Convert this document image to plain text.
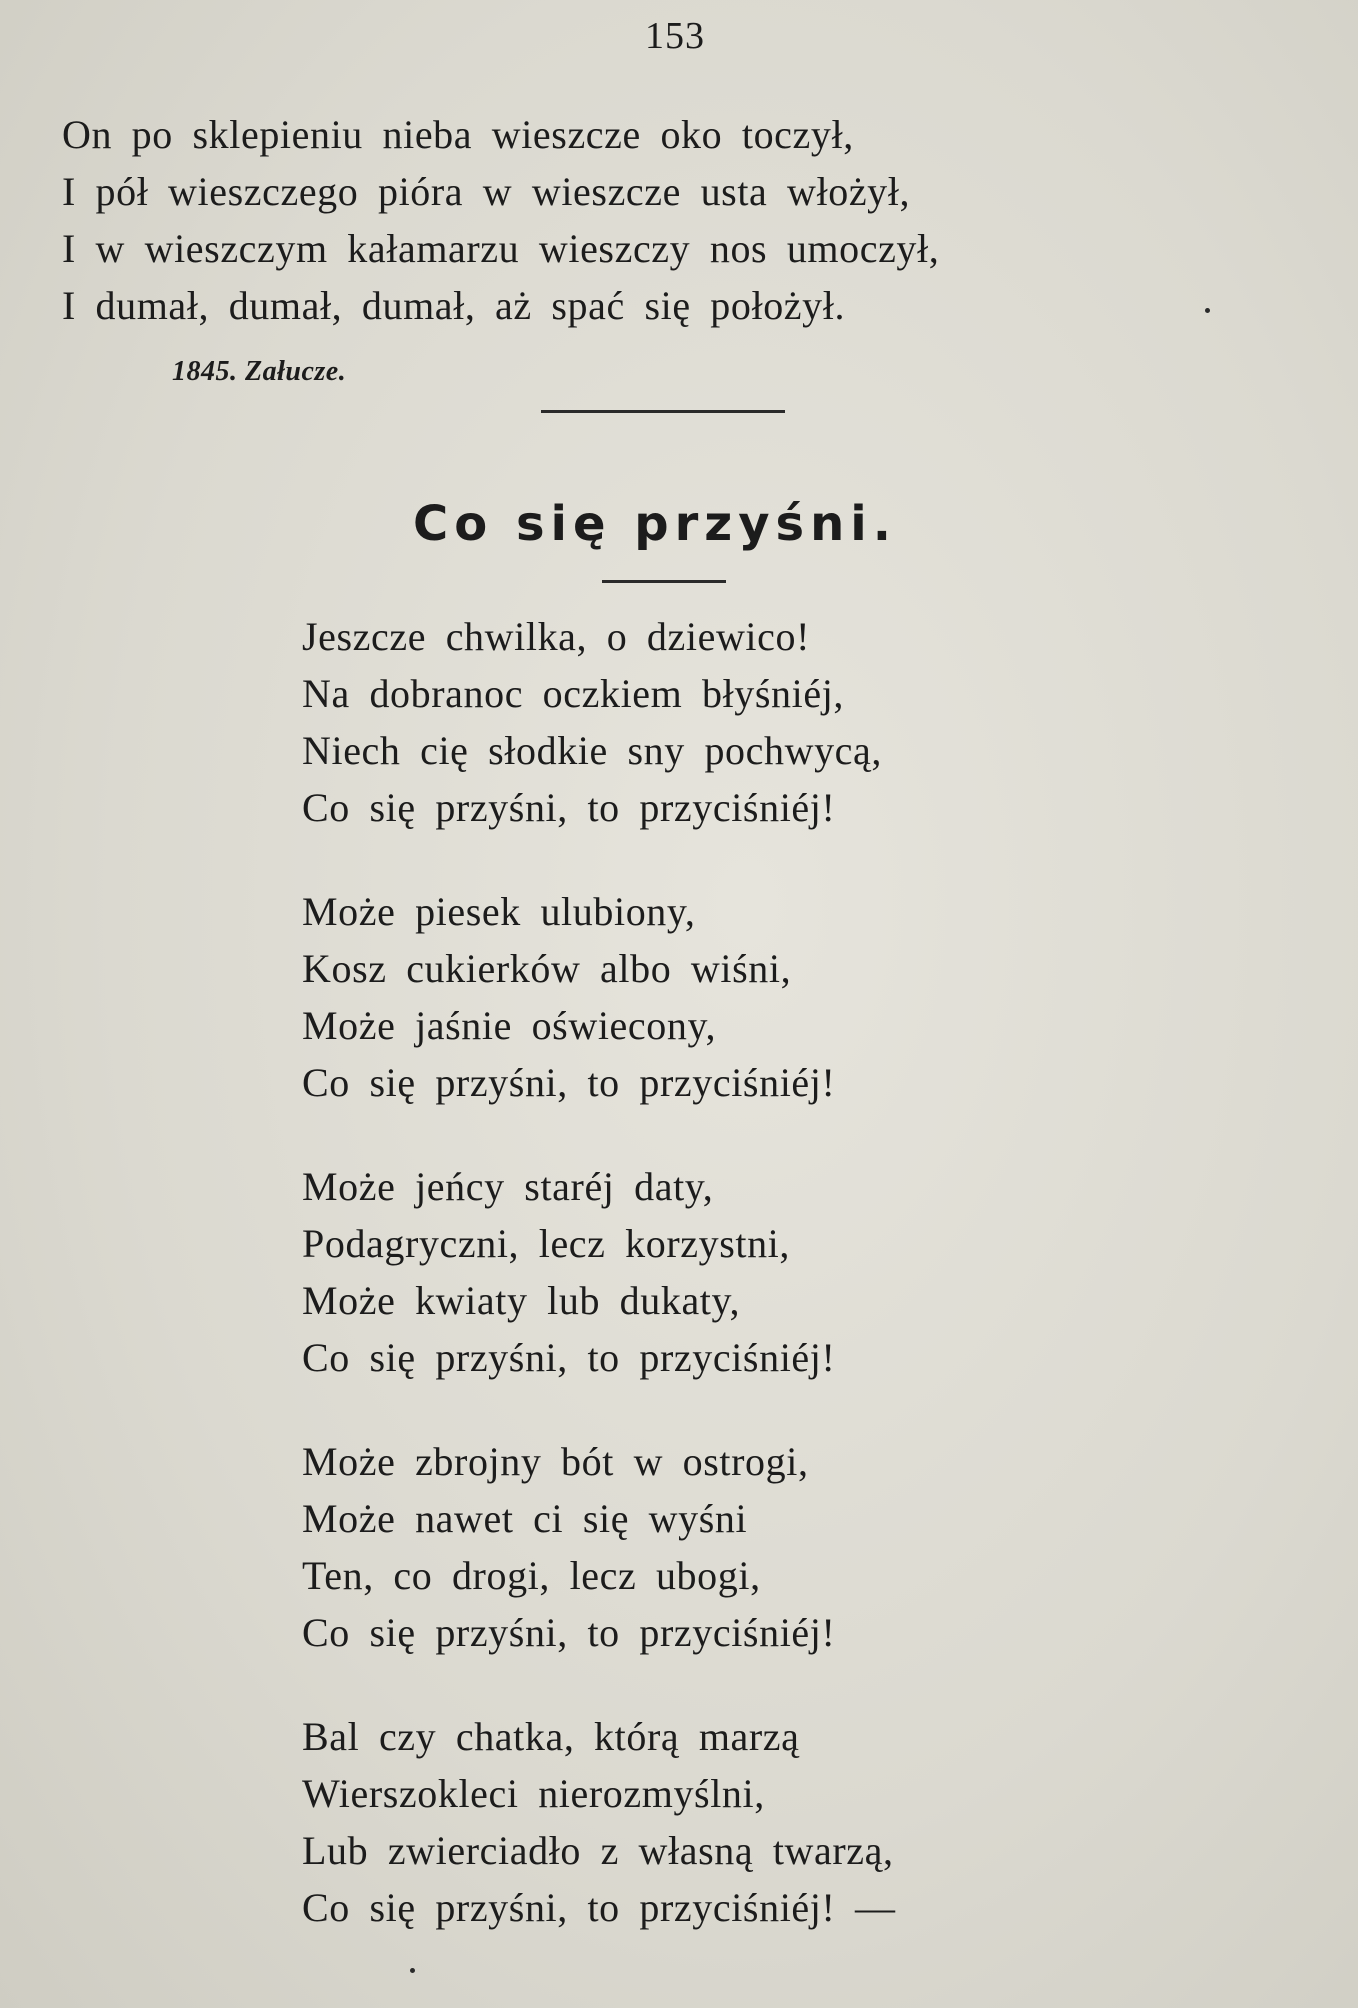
153
On po sklepieniu nieba wieszcze oko toczył,
I pół wieszczego pióra w wieszcze usta włożył,
I w wieszczym kałamarzu wieszczy nos umoczył,
I dumał, dumał, dumał, aż spać się położył.
1845. Załucze.
Co się przyśni.
Jeszcze chwilka, o dziewico!
Na dobranoc oczkiem błyśniéj,
Niech cię słodkie sny pochwycą,
Co się przyśni, to przyciśniéj!
Może piesek ulubiony,
Kosz cukierków albo wiśni,
Może jaśnie oświecony,
Co się przyśni, to przyciśniéj!
Może jeńcy staréj daty,
Podagryczni, lecz korzystni,
Może kwiaty lub dukaty,
Co się przyśni, to przyciśniéj!
Może zbrojny bót w ostrogi,
Może nawet ci się wyśni
Ten, co drogi, lecz ubogi,
Co się przyśni, to przyciśniéj!
Bal czy chatka, którą marzą
Wierszokleci nierozmyślni,
Lub zwierciadło z własną twarzą,
Co się przyśni, to przyciśniéj! —
